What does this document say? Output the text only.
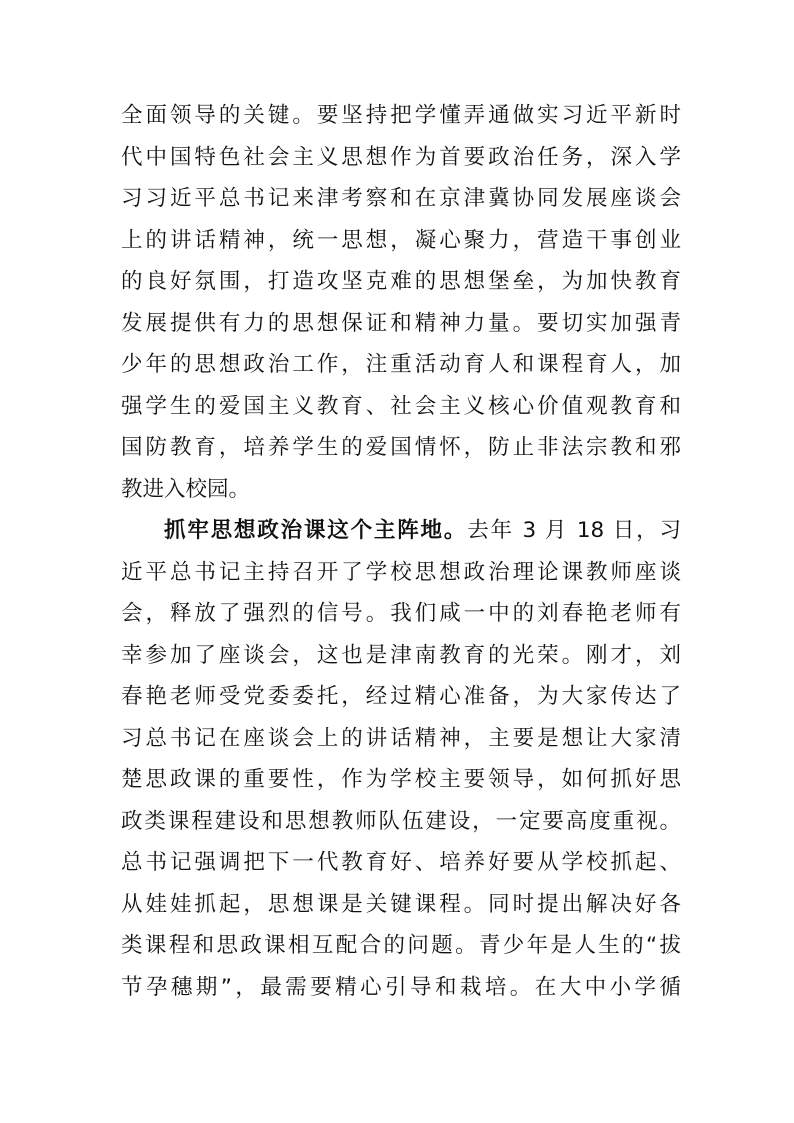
全面领导的关键。要坚持把学懂弄通做实习近平新时
代中国特色社会主义思想作为首要政治任务，深入学
习习近平总书记来津考察和在京津冀协同发展座谈会
上的讲话精神，统一思想，凝心聚力，营造干事创业
的良好氛围，打造攻坚克难的思想堡垒，为加快教育
发展提供有力的思想保证和精神力量。要切实加强青
少年的思想政治工作，注重活动育人和课程育人，加
强学生的爱国主义教育、社会主义核心价值观教育和
国防教育，培养学生的爱国情怀，防止非法宗教和邪
教进入校园。
抓牢思想政治课这个主阵地。去年 3 月 18 日，习
近平总书记主持召开了学校思想政治理论课教师座谈
会，释放了强烈的信号。我们咸一中的刘春艳老师有
幸参加了座谈会，这也是津南教育的光荣。刚才，刘
春艳老师受党委委托，经过精心准备，为大家传达了
习总书记在座谈会上的讲话精神，主要是想让大家清
楚思政课的重要性，作为学校主要领导，如何抓好思
政类课程建设和思想教师队伍建设，一定要高度重视。
总书记强调把下一代教育好、培养好要从学校抓起、
从娃娃抓起，思想课是关键课程。同时提出解决好各
类课程和思政课相互配合的问题。青少年是人生的“拔
节孕穗期”，最需要精心引导和栽培。在大中小学循
